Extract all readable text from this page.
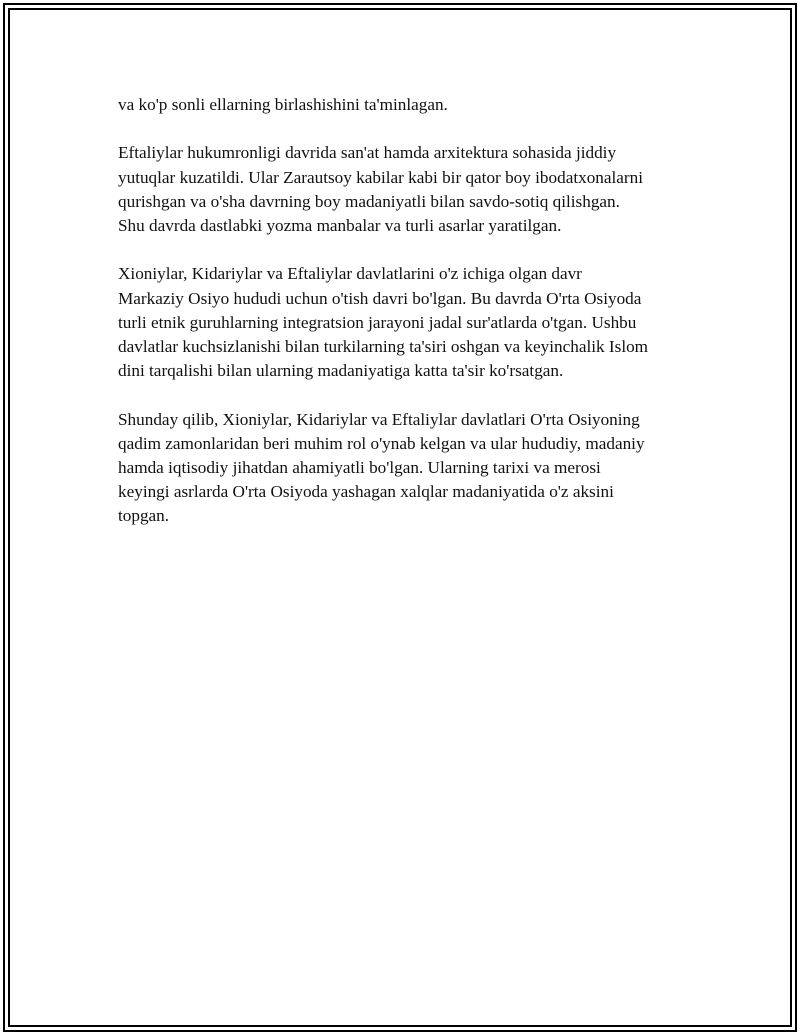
va ko'p sonli ellarning birlashishini ta'minlagan.

Eftaliylar hukumronligi davrida san'at hamda arxitektura sohasida jiddiy
yutuqlar kuzatildi. Ular Zarautsoy kabilar kabi bir qator boy ibodatxonalarni
qurishgan va o'sha davrning boy madaniyatli bilan savdo-sotiq qilishgan.
Shu davrda dastlabki yozma manbalar va turli asarlar yaratilgan.

Xioniylar, Kidariylar va Eftaliylar davlatlarini o'z ichiga olgan davr
Markaziy Osiyo hududi uchun o'tish davri bo'lgan. Bu davrda O'rta Osiyoda
turli etnik guruhlarning integratsion jarayoni jadal sur'atlarda o'tgan. Ushbu
davlatlar kuchsizlanishi bilan turkilarning ta'siri oshgan va keyinchalik Islom
dini tarqalishi bilan ularning madaniyatiga katta ta'sir ko'rsatgan.

Shunday qilib, Xioniylar, Kidariylar va Eftaliylar davlatlari O'rta Osiyoning
qadim zamonlaridan beri muhim rol o'ynab kelgan va ular hududiy, madaniy
hamda iqtisodiy jihatdan ahamiyatli bo'lgan. Ularning tarixi va merosi
keyingi asrlarda O'rta Osiyoda yashagan xalqlar madaniyatida o'z aksini
topgan.
